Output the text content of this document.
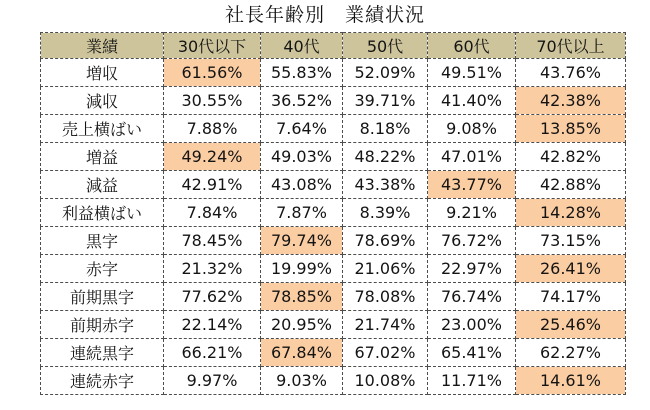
社長年齢別　業績状況
業績	30代以下	40代	50代	60代	70代以上
増収	61.56%	55.83%	52.09%	49.51%	43.76%
減収	30.55%	36.52%	39.71%	41.40%	42.38%
売上横ばい	7.88%	7.64%	8.18%	9.08%	13.85%
増益	49.24%	49.03%	48.22%	47.01%	42.82%
減益	42.91%	43.08%	43.38%	43.77%	42.88%
利益横ばい	7.84%	7.87%	8.39%	9.21%	14.28%
黒字	78.45%	79.74%	78.69%	76.72%	73.15%
赤字	21.32%	19.99%	21.06%	22.97%	26.41%
前期黒字	77.62%	78.85%	78.08%	76.74%	74.17%
前期赤字	22.14%	20.95%	21.74%	23.00%	25.46%
連続黒字	66.21%	67.84%	67.02%	65.41%	62.27%
連続赤字	9.97%	9.03%	10.08%	11.71%	14.61%
